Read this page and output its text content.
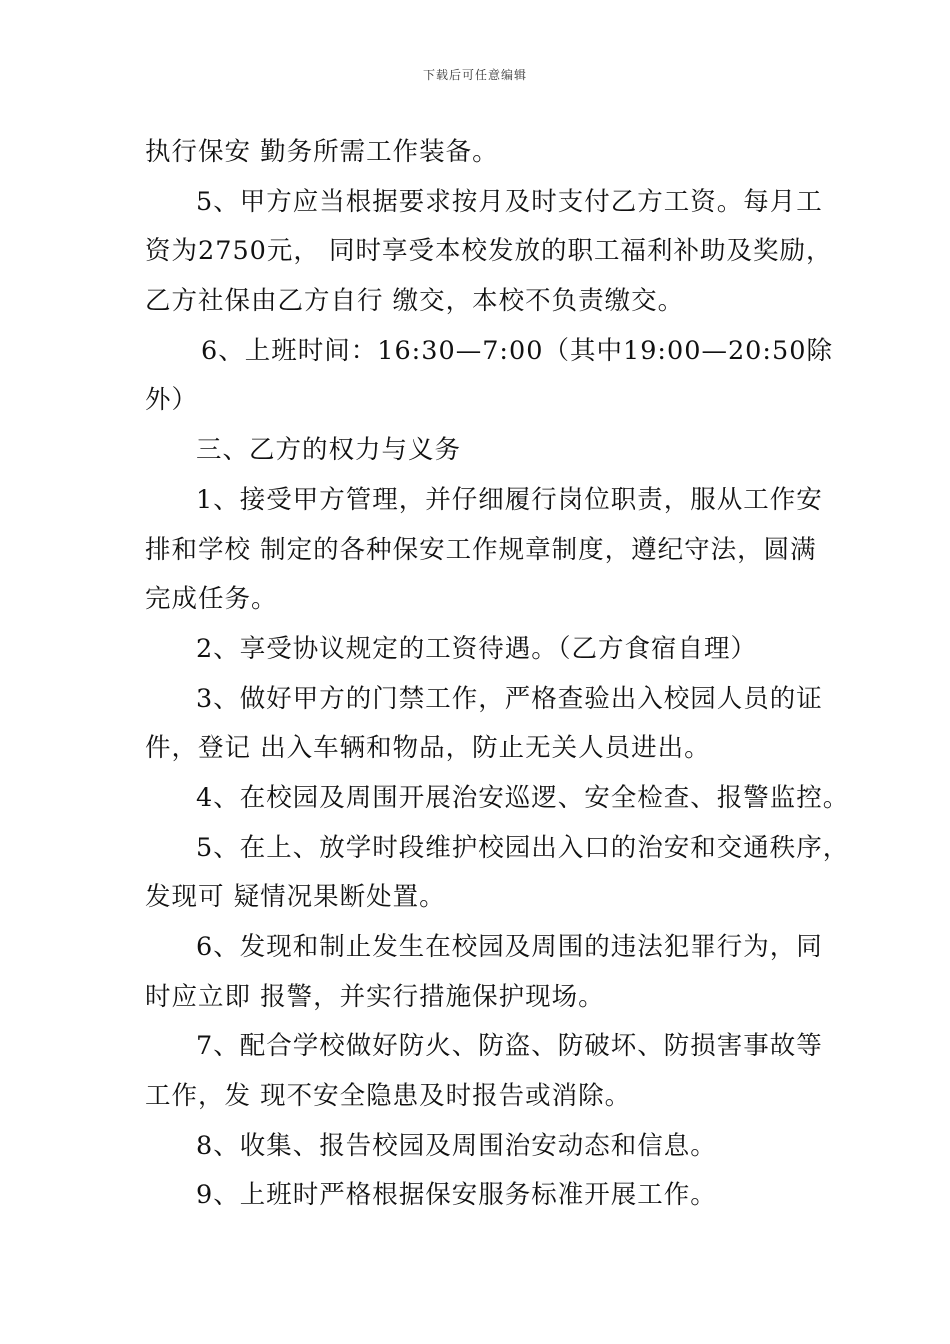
下载后可任意编辑
执行保安 勤务所需工作装备。
5、甲方应当根据要求按月及时支付乙方工资。每月工
资为2750元， 同时享受本校发放的职工福利补助及奖励，
乙方社保由乙方自行 缴交，本校不负责缴交。
6、上班时间：16:30—7:00（其中19:00—20:50除
外）
三、乙方的权力与义务
1、接受甲方管理，并仔细履行岗位职责，服从工作安
排和学校 制定的各种保安工作规章制度，遵纪守法，圆满
完成任务。
2、享受协议规定的工资待遇。（乙方食宿自理）
3、做好甲方的门禁工作，严格查验出入校园人员的证
件，登记 出入车辆和物品，防止无关人员进出。
4、在校园及周围开展治安巡逻、安全检查、报警监控。
5、在上、放学时段维护校园出入口的治安和交通秩序，
发现可 疑情况果断处置。
6、发现和制止发生在校园及周围的违法犯罪行为，同
时应立即 报警，并实行措施保护现场。
7、配合学校做好防火、防盗、防破坏、防损害事故等
工作，发 现不安全隐患及时报告或消除。
8、收集、报告校园及周围治安动态和信息。
9、上班时严格根据保安服务标准开展工作。
